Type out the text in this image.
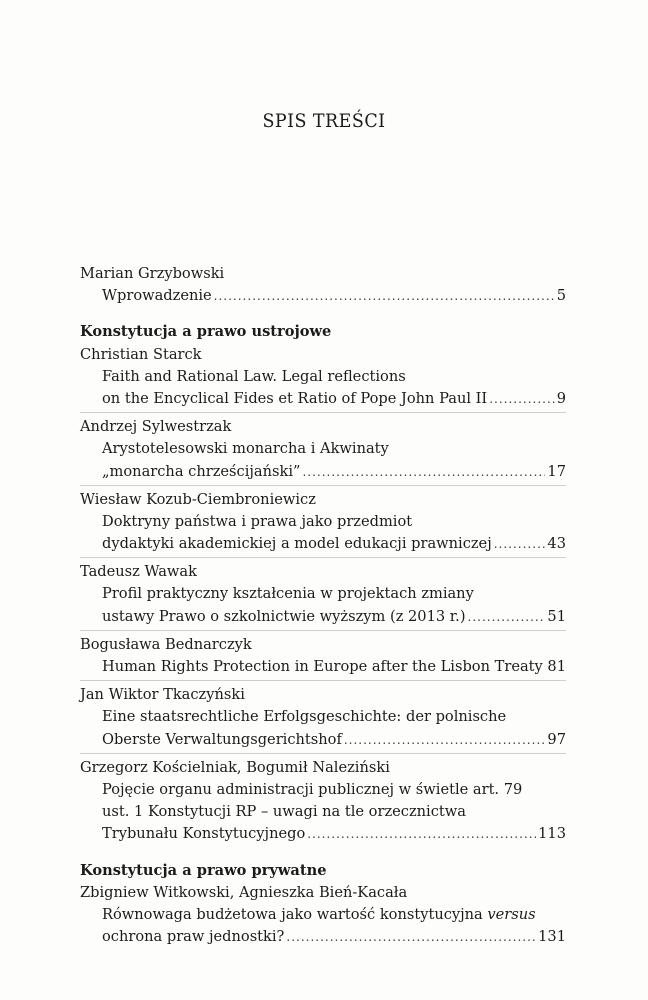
SPIS TREŚCI
Marian Grzybowski
Wprowadzenie .....	5
Konstytucja a prawo ustrojowe
Christian Starck
Faith and Rational Law. Legal reflections
on the Encyclical Fides et Ratio of Pope John Paul II .....	9
Andrzej Sylwestrzak
Arystotelesowski monarcha i Akwinaty
„monarcha chrześcijański” .....	17
Wiesław Kozub-Ciembroniewicz
Doktryny państwa i prawa jako przedmiot
dydaktyki akademickiej a model edukacji prawniczej .....	43
Tadeusz Wawak
Profil praktyczny kształcenia w projektach zmiany
ustawy Prawo o szkolnictwie wyższym (z 2013 r.) .....	51
Bogusława Bednarczyk
Human Rights Protection in Europe after the Lisbon Treaty ..... 81
Jan Wiktor Tkaczyński
Eine staatsrechtliche Erfolgsgeschichte: der polnische
Oberste Verwaltungsgerichtshof .....	97
Grzegorz Kościelniak, Bogumił Naleziński
Pojęcie organu administracji publicznej w świetle art. 79
ust. 1 Konstytucji RP – uwagi na tle orzecznictwa
Trybunału Konstytucyjnego .....	113
Konstytucja a prawo prywatne
Zbigniew Witkowski, Agnieszka Bień-Kacała
Równowaga budżetowa jako wartość konstytucyjna versus
ochrona praw jednostki? .....	131
